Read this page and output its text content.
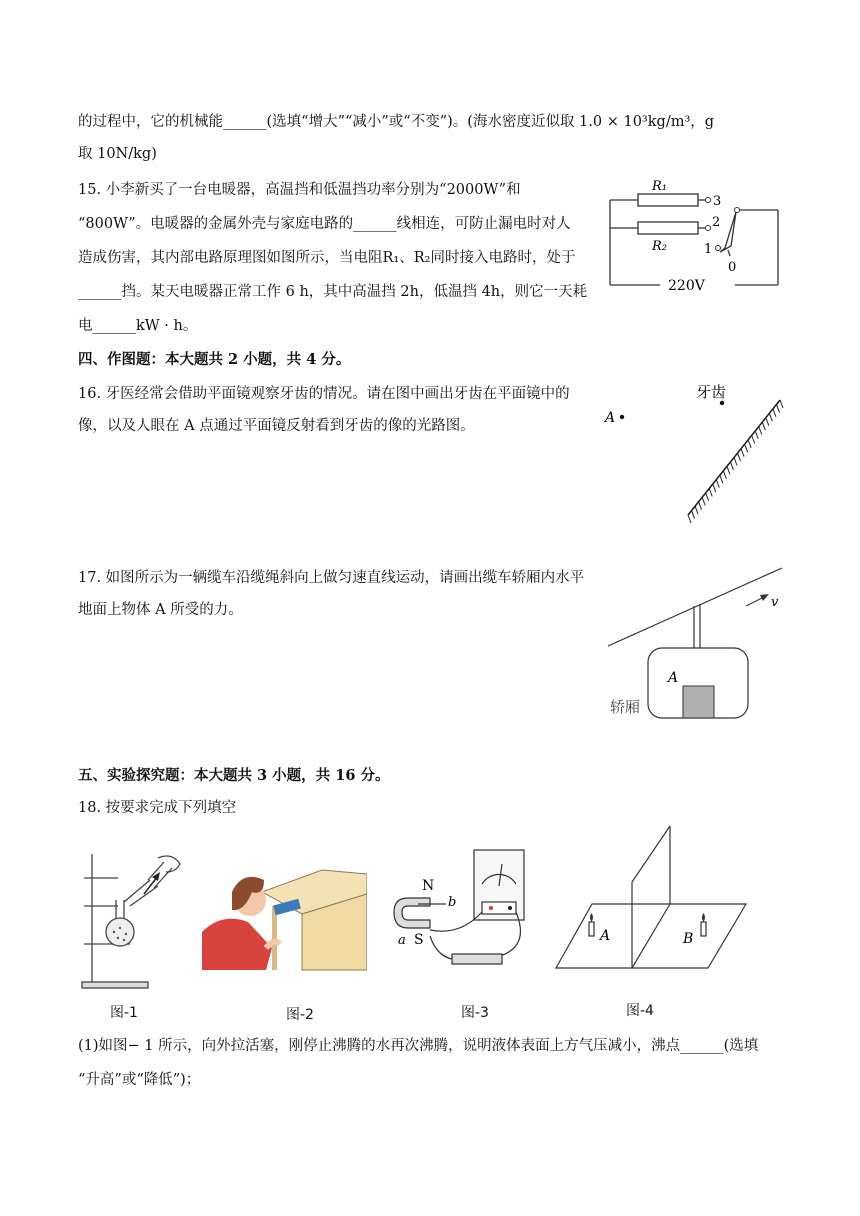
的过程中，它的机械能______(选填“增大”“减小”或“不变”)。(海水密度近似取 1.0 × 10³kg/m³，g
取 10N/kg)
15. 小李新买了一台电暖器，高温挡和低温挡功率分别为“2000W”和
“800W”。电暖器的金属外壳与家庭电路的______线相连，可防止漏电时对人
造成伤害，其内部电路原理图如图所示，当电阻R₁、R₂同时接入电路时，处于
______挡。某天电暖器正常工作 6 h，其中高温挡 2h，低温挡 4h，则它一天耗
电______kW · h。
四、作图题：本大题共 2 小题，共 4 分。
16. 牙医经常会借助平面镜观察牙齿的情况。请在图中画出牙齿在平面镜中的
像，以及人眼在 A 点通过平面镜反射看到牙齿的像的光路图。
17. 如图所示为一辆缆车沿缆绳斜向上做匀速直线运动，请画出缆车轿厢内水平
地面上物体 A 所受的力。
五、实验探究题：本大题共 3 小题，共 16 分。
18. 按要求完成下列填空
(1)如图− 1 所示，向外拉活塞，刚停止沸腾的水再次沸腾，说明液体表面上方气压减小，沸点______(选填
“升高”或“降低”)；
R₁
R₂
3
2
1
0
220V
A
牙齿
v
A
轿厢
N
S
a
b
A	B
图-1	图-2	图-3	图-4
